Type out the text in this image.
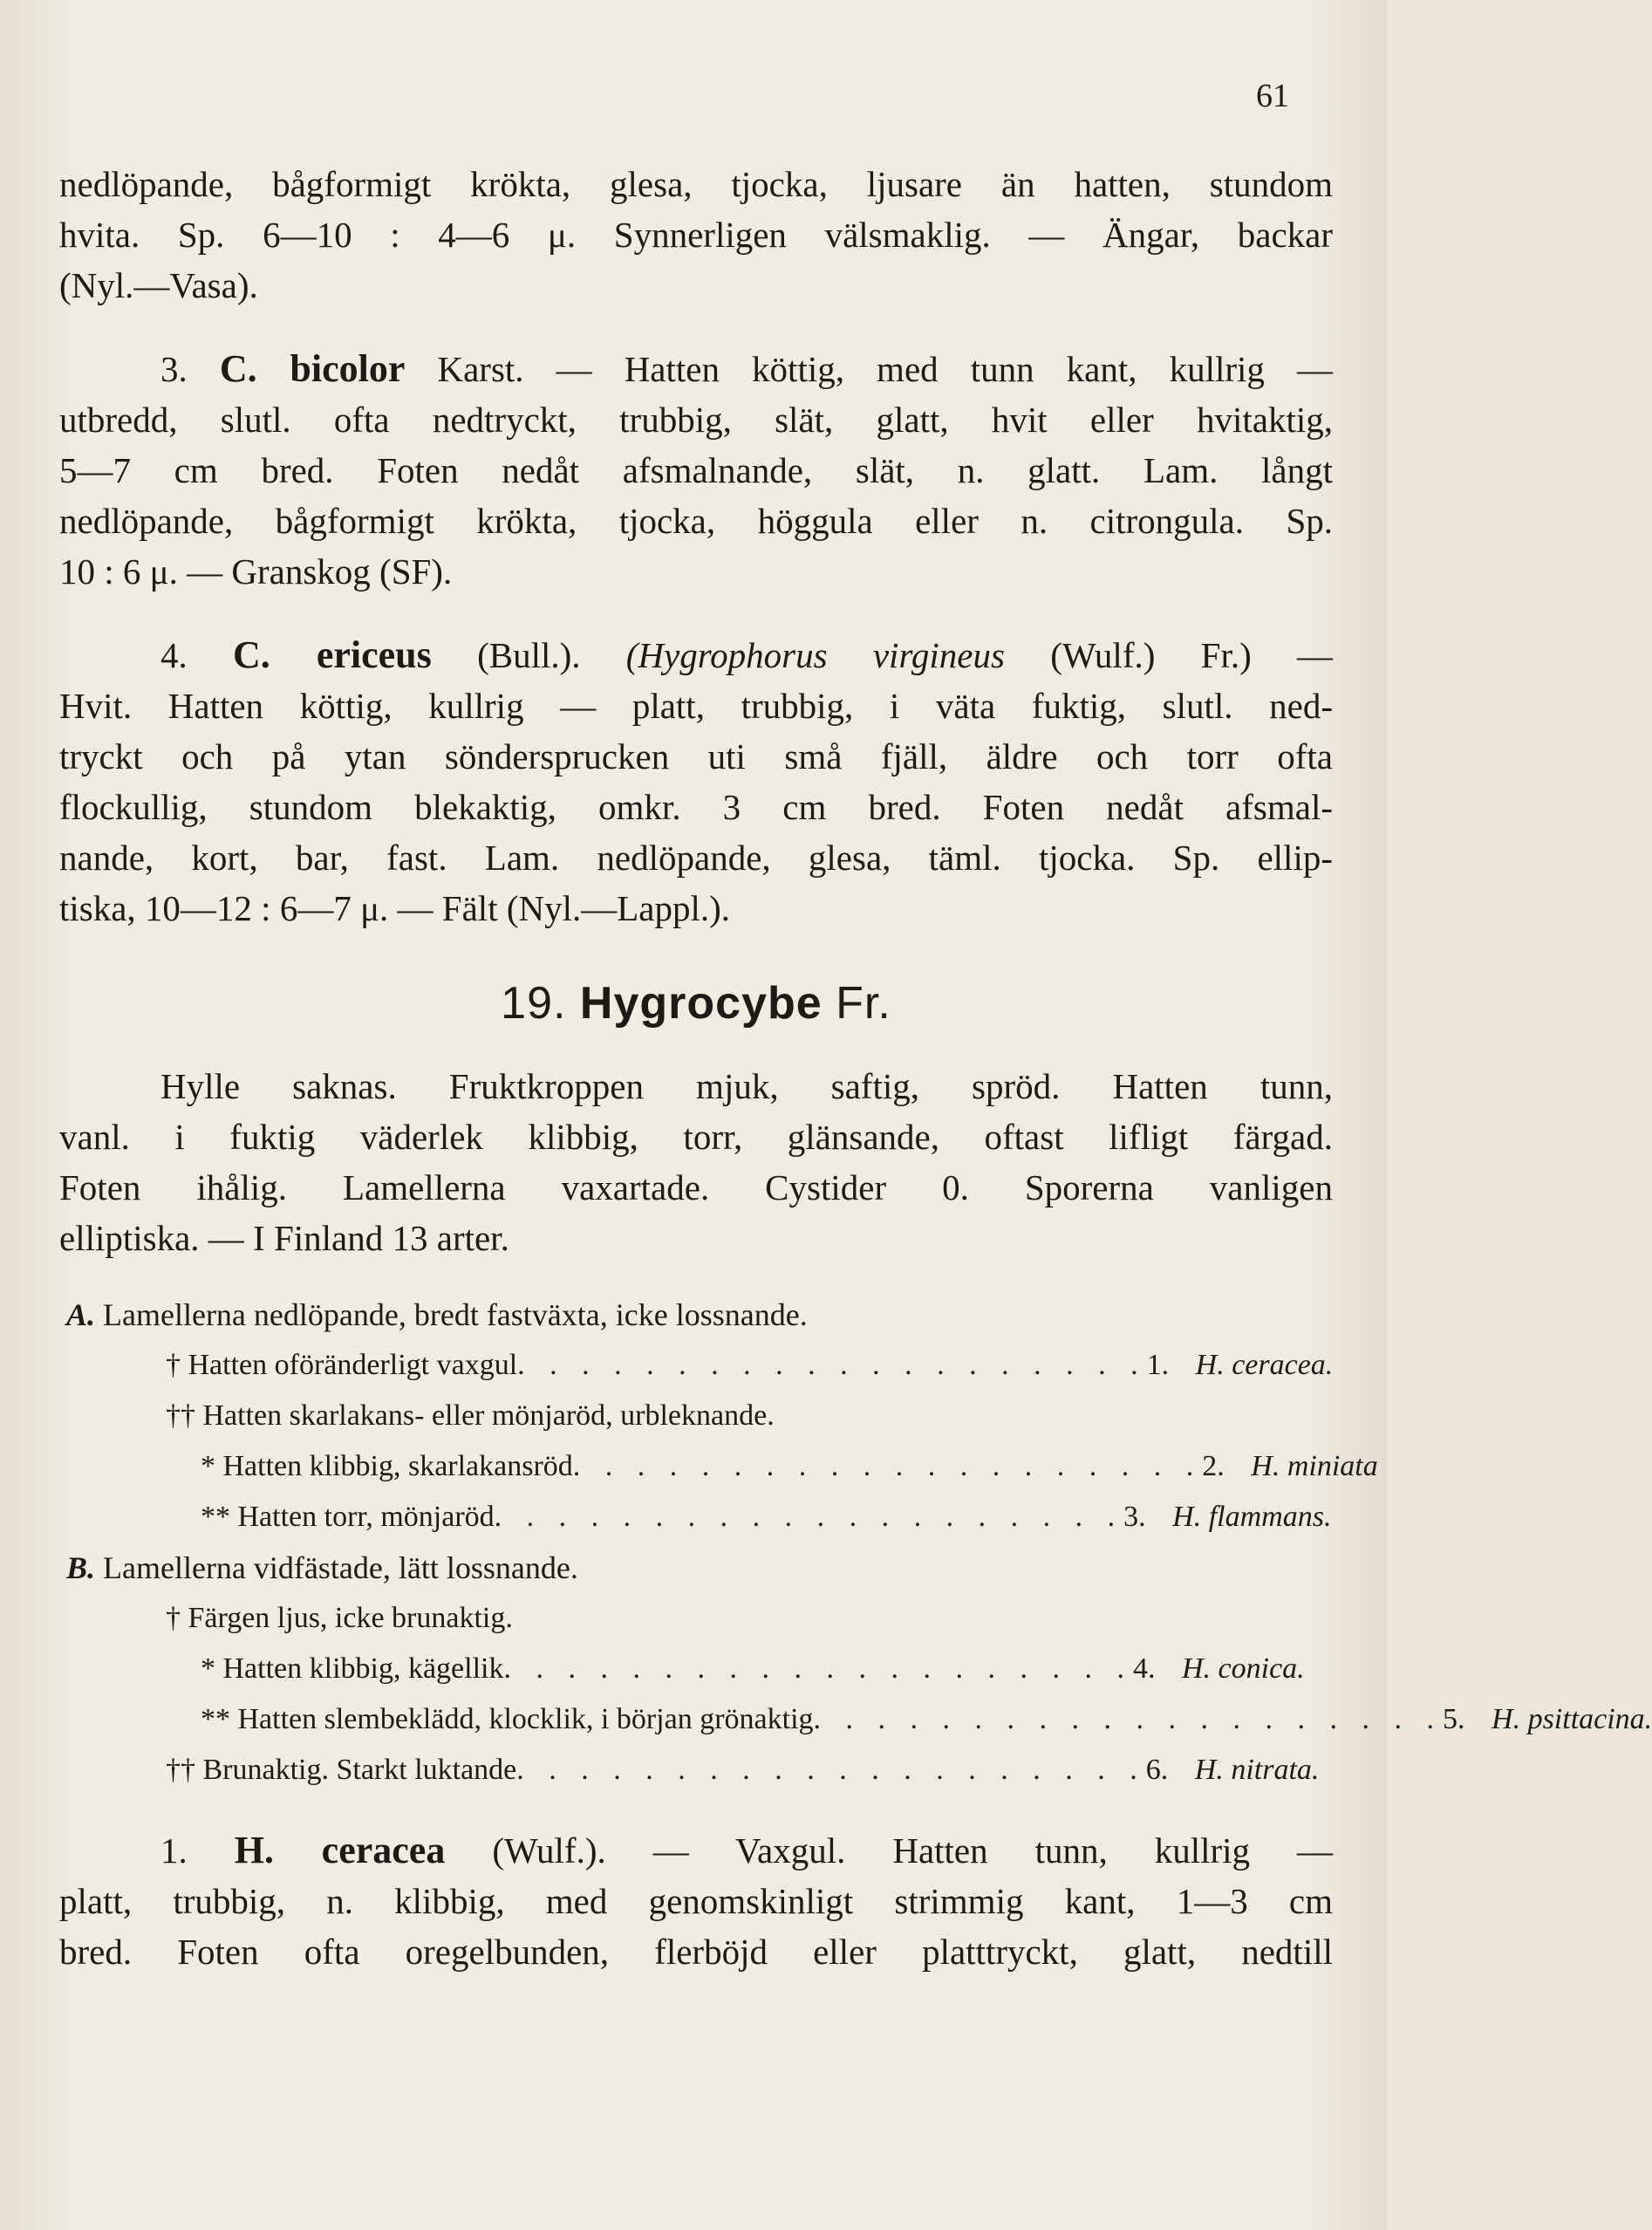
61
nedlöpande, bågformigt krökta, glesa, tjocka, ljusare än hatten, stundom
hvita. Sp. 6—10 : 4—6 μ. Synnerligen välsmaklig. — Ängar, backar
(Nyl.—Vasa).
3. C. bicolor Karst. — Hatten köttig, med tunn kant, kullrig —
utbredd, slutl. ofta nedtryckt, trubbig, slät, glatt, hvit eller hvitaktig,
5—7 cm bred. Foten nedåt afsmalnande, slät, n. glatt. Lam. långt
nedlöpande, bågformigt krökta, tjocka, höggula eller n. citrongula. Sp.
10 : 6 μ. — Granskog (SF).
4. C. ericeus (Bull.). (Hygrophorus virgineus (Wulf.) Fr.) —
Hvit. Hatten köttig, kullrig — platt, trubbig, i väta fuktig, slutl. ned-
tryckt och på ytan söndersprucken uti små fjäll, äldre och torr ofta
flockullig, stundom blekaktig, omkr. 3 cm bred. Foten nedåt afsmal-
nande, kort, bar, fast. Lam. nedlöpande, glesa, täml. tjocka. Sp. ellip-
tiska, 10—12 : 6—7 μ. — Fält (Nyl.—Lappl.).
19. Hygrocybe Fr.
Hylle saknas. Fruktkroppen mjuk, saftig, spröd. Hatten tunn,
vanl. i fuktig väderlek klibbig, torr, glänsande, oftast lifligt färgad.
Foten ihålig. Lamellerna vaxartade. Cystider 0. Sporerna vanligen
elliptiska. — I Finland 13 arter.
A.
Lamellerna nedlöpande, bredt fastväxta, icke lossnande.
†
Hatten oföränderligt vaxgul . . . . . . . . . . . . . . . . . . . . 1. H. ceracea.
††
Hatten skarlakans- eller mönjaröd, urbleknande.
*
Hatten klibbig, skarlakansröd . . . . . . . . . . . . . . . . . . . . 2. H. miniata
**
Hatten torr, mönjaröd . . . . . . . . . . . . . . . . . . . . 3. H. flammans.
B.
Lamellerna vidfästade, lätt lossnande.
†
Färgen ljus, icke brunaktig.
*
Hatten klibbig, kägellik . . . . . . . . . . . . . . . . . . . . 4. H. conica.
**
Hatten slembeklädd, klocklik, i början grönaktig . . . . . . . . . . . . . . . . . . . . 5. H. psittacina.
††
Brunaktig. Starkt luktande . . . . . . . . . . . . . . . . . . . . 6. H. nitrata.
1. H. ceracea (Wulf.). — Vaxgul. Hatten tunn, kullrig —
platt, trubbig, n. klibbig, med genomskinligt strimmig kant, 1—3 cm
bred. Foten ofta oregelbunden, flerböjd eller platttryckt, glatt, nedtill
